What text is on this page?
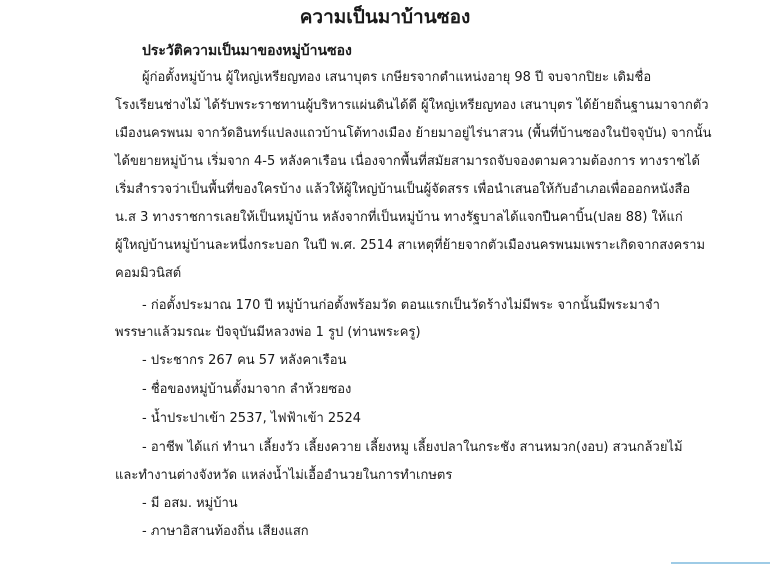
ความเป็นมาบ้านซอง
ประวัติความเป็นมาของหมู่บ้านซอง
ผู้ก่อตั้งหมู่บ้าน ผู้ใหญ่เหรียญทอง เสนาบุตร เกษียรจากตำแหน่งอายุ 98 ปี จบจากปิยะ เดิมชื่อ
โรงเรียนช่างไม้ ได้รับพระราชทานผู้บริหารแผ่นดินได้ดี ผู้ใหญ่เหรียญทอง เสนาบุตร ได้ย้ายถิ่นฐานมาจากตัว
เมืองนครพนม จากวัดอินทร์แปลงแถวบ้านโต้ทางเมือง ย้ายมาอยู่ไร่นาสวน (พื้นที่บ้านซองในปัจจุบัน) จากนั้น
ได้ขยายหมู่บ้าน เริ่มจาก 4-5 หลังคาเรือน เนื่องจากพื้นที่สมัยสามารถจับจองตามความต้องการ ทางราชได้
เริ่มสำรวจว่าเป็นพื้นที่ของใครบ้าง แล้วให้ผู้ใหญ่บ้านเป็นผู้จัดสรร เพื่อนำเสนอให้กับอำเภอเพื่อออกหนังสือ
น.ส 3 ทางราชการเลยให้เป็นหมู่บ้าน หลังจากที่เป็นหมู่บ้าน ทางรัฐบาลได้แจกปืนคาบิ้น(ปลย 88) ให้แก่
ผู้ใหญ่บ้านหมู่บ้านละหนึ่งกระบอก ในปี พ.ศ. 2514 สาเหตุที่ย้ายจากตัวเมืองนครพนมเพราะเกิดจากสงคราม
คอมมิวนิสต์
- ก่อตั้งประมาณ 170 ปี หมู่บ้านก่อตั้งพร้อมวัด ตอนแรกเป็นวัดร้างไม่มีพระ จากนั้นมีพระมาจำ
พรรษาแล้วมรณะ ปัจจุบันมีหลวงพ่อ 1 รูป (ท่านพระครู)
- ประชากร 267 คน 57 หลังคาเรือน
- ชื่อของหมู่บ้านตั้งมาจาก ลำห้วยซอง
- น้ำประปาเข้า 2537, ไฟฟ้าเข้า 2524
- อาชีพ ได้แก่ ทำนา เลี้ยงวัว เลี้ยงควาย เลี้ยงหมู เลี้ยงปลาในกระชัง สานหมวก(งอบ) สวนกล้วยไม้
และทำงานต่างจังหวัด แหล่งน้ำไม่เอื้ออำนวยในการทำเกษตร
- มี อสม. หมู่บ้าน
- ภาษาอิสานท้องถิ่น เสียงแสก
